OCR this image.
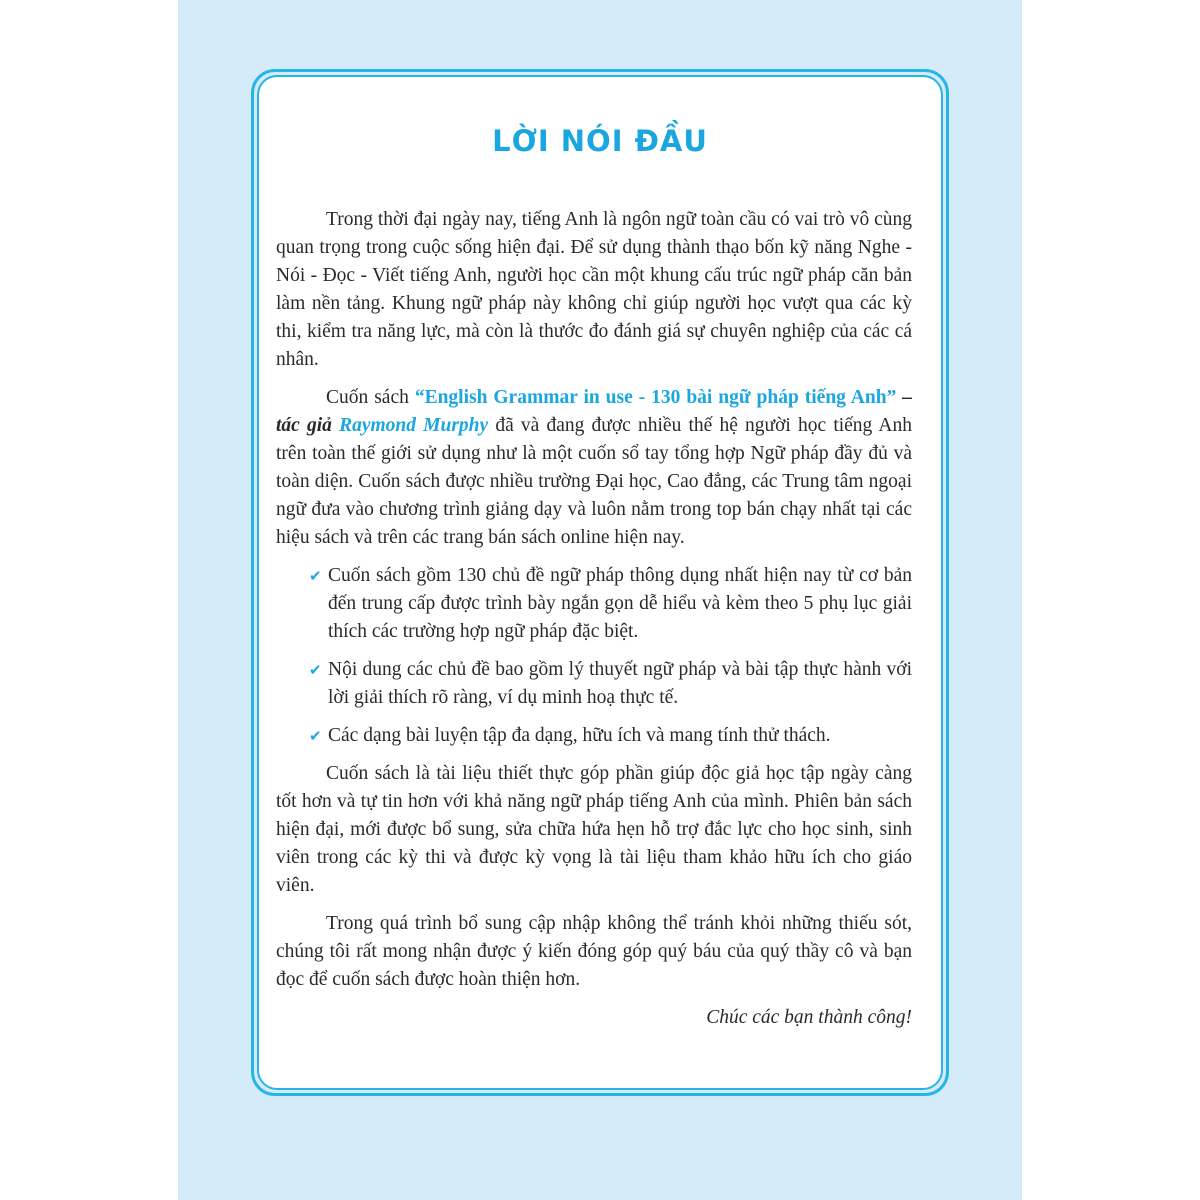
LỜI NÓI ĐẦU

Trong thời đại ngày nay, tiếng Anh là ngôn ngữ toàn cầu có vai trò vô cùng quan trọng trong cuộc sống hiện đại. Để sử dụng thành thạo bốn kỹ năng Nghe - Nói - Đọc - Viết tiếng Anh, người học cần một khung cấu trúc ngữ pháp căn bản làm nền tảng. Khung ngữ pháp này không chỉ giúp người học vượt qua các kỳ thi, kiểm tra năng lực, mà còn là thước đo đánh giá sự chuyên nghiệp của các cá nhân.

Cuốn sách “English Grammar in use - 130 bài ngữ pháp tiếng Anh” – tác giả Raymond Murphy đã và đang được nhiều thế hệ người học tiếng Anh trên toàn thế giới sử dụng như là một cuốn sổ tay tổng hợp Ngữ pháp đầy đủ và toàn diện. Cuốn sách được nhiều trường Đại học, Cao đẳng, các Trung tâm ngoại ngữ đưa vào chương trình giảng dạy và luôn nằm trong top bán chạy nhất tại các hiệu sách và trên các trang bán sách online hiện nay.

✔ Cuốn sách gồm 130 chủ đề ngữ pháp thông dụng nhất hiện nay từ cơ bản đến trung cấp được trình bày ngắn gọn dễ hiểu và kèm theo 5 phụ lục giải thích các trường hợp ngữ pháp đặc biệt.
✔ Nội dung các chủ đề bao gồm lý thuyết ngữ pháp và bài tập thực hành với lời giải thích rõ ràng, ví dụ minh hoạ thực tế.
✔ Các dạng bài luyện tập đa dạng, hữu ích và mang tính thử thách.

Cuốn sách là tài liệu thiết thực góp phần giúp độc giả học tập ngày càng tốt hơn và tự tin hơn với khả năng ngữ pháp tiếng Anh của mình. Phiên bản sách hiện đại, mới được bổ sung, sửa chữa hứa hẹn hỗ trợ đắc lực cho học sinh, sinh viên trong các kỳ thi và được kỳ vọng là tài liệu tham khảo hữu ích cho giáo viên.

Trong quá trình bổ sung cập nhập không thể tránh khỏi những thiếu sót, chúng tôi rất mong nhận được ý kiến đóng góp quý báu của quý thầy cô và bạn đọc để cuốn sách được hoàn thiện hơn.

Chúc các bạn thành công!
